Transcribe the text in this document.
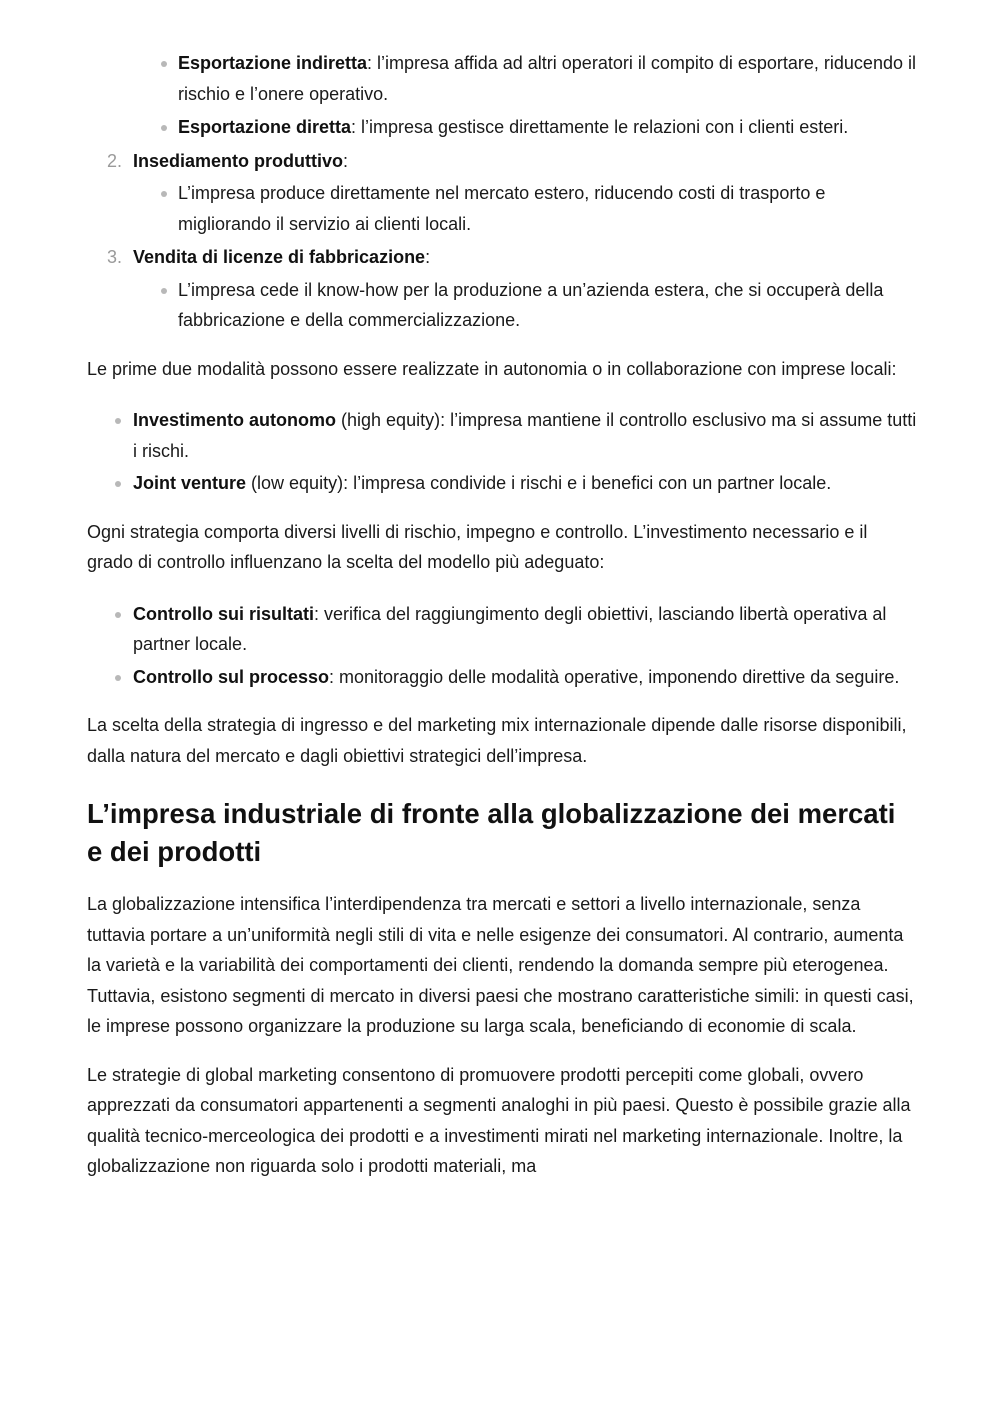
Esportazione indiretta: l’impresa affida ad altri operatori il compito di esportare, riducendo il rischio e l’onere operativo.
Esportazione diretta: l’impresa gestisce direttamente le relazioni con i clienti esteri.
2. Insediamento produttivo:
L’impresa produce direttamente nel mercato estero, riducendo costi di trasporto e migliorando il servizio ai clienti locali.
3. Vendita di licenze di fabbricazione:
L’impresa cede il know-how per la produzione a un’azienda estera, che si occuperà della fabbricazione e della commercializzazione.

Le prime due modalità possono essere realizzate in autonomia o in collaborazione con imprese locali:

Investimento autonomo (high equity): l’impresa mantiene il controllo esclusivo ma si assume tutti i rischi.
Joint venture (low equity): l’impresa condivide i rischi e i benefici con un partner locale.

Ogni strategia comporta diversi livelli di rischio, impegno e controllo. L’investimento necessario e il grado di controllo influenzano la scelta del modello più adeguato:

Controllo sui risultati: verifica del raggiungimento degli obiettivi, lasciando libertà operativa al partner locale.
Controllo sul processo: monitoraggio delle modalità operative, imponendo direttive da seguire.

La scelta della strategia di ingresso e del marketing mix internazionale dipende dalle risorse disponibili, dalla natura del mercato e dagli obiettivi strategici dell’impresa.

L’impresa industriale di fronte alla globalizzazione dei mercati e dei prodotti

La globalizzazione intensifica l’interdipendenza tra mercati e settori a livello internazionale, senza tuttavia portare a un’uniformità negli stili di vita e nelle esigenze dei consumatori. Al contrario, aumenta la varietà e la variabilità dei comportamenti dei clienti, rendendo la domanda sempre più eterogenea. Tuttavia, esistono segmenti di mercato in diversi paesi che mostrano caratteristiche simili: in questi casi, le imprese possono organizzare la produzione su larga scala, beneficiando di economie di scala.

Le strategie di global marketing consentono di promuovere prodotti percepiti come globali, ovvero apprezzati da consumatori appartenenti a segmenti analoghi in più paesi. Questo è possibile grazie alla qualità tecnico-merceologica dei prodotti e a investimenti mirati nel marketing internazionale. Inoltre, la globalizzazione non riguarda solo i prodotti materiali, ma
